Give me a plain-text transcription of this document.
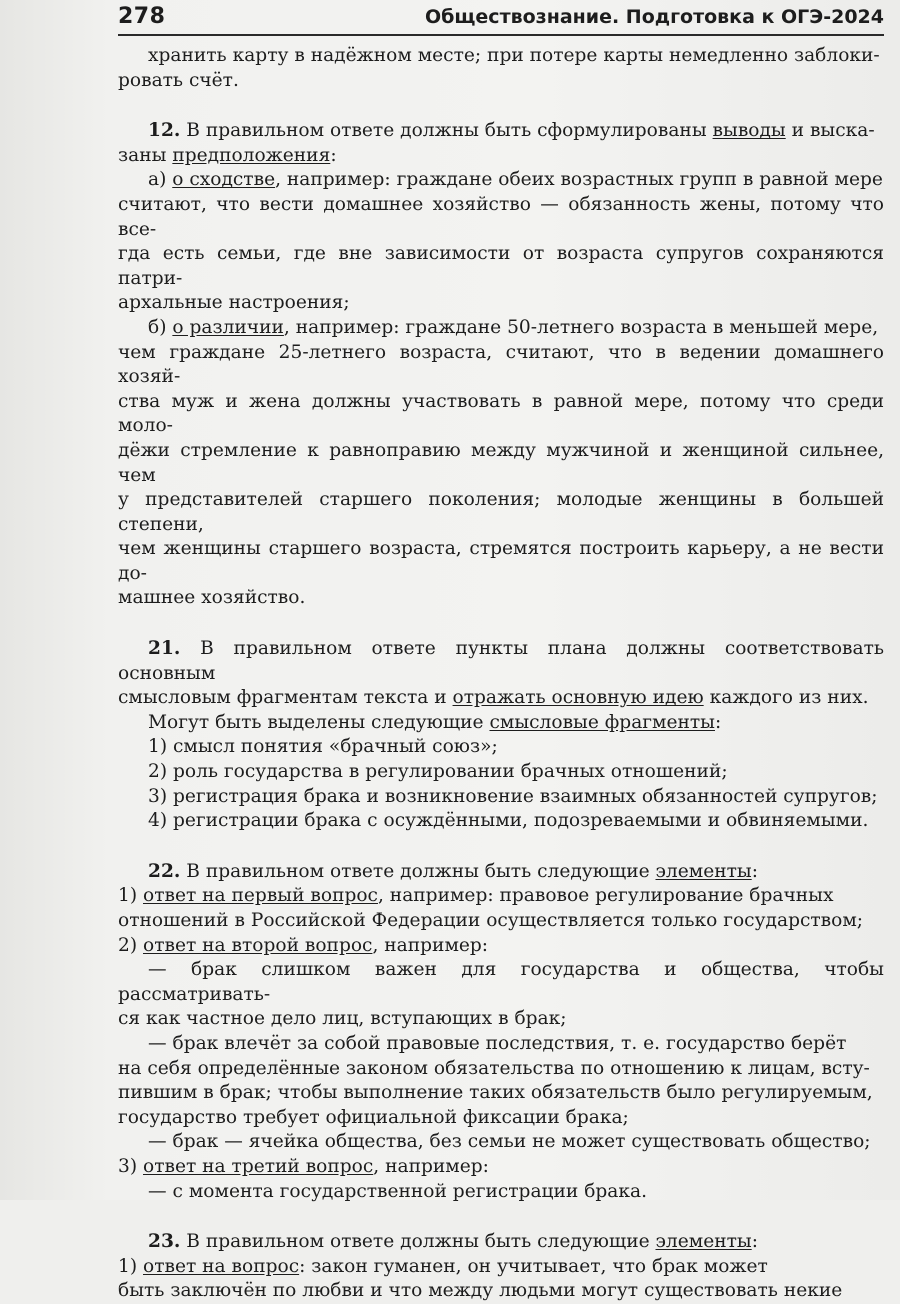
278	Обществознание. Подготовка к ОГЭ-2024
хранить карту в надёжном месте; при потере карты немедленно заблоки-
ровать счёт.
12. В правильном ответе должны быть сформулированы выводы и выска-
заны предположения:
а) о сходстве, например: граждане обеих возрастных групп в равной мере
считают, что вести домашнее хозяйство — обязанность жены, потому что все-
гда есть семьи, где вне зависимости от возраста супругов сохраняются патри-
архальные настроения;
б) о различии, например: граждане 50-летнего возраста в меньшей мере,
чем граждане 25-летнего возраста, считают, что в ведении домашнего хозяй-
ства муж и жена должны участвовать в равной мере, потому что среди моло-
дёжи стремление к равноправию между мужчиной и женщиной сильнее, чем
у представителей старшего поколения; молодые женщины в большей степени,
чем женщины старшего возраста, стремятся построить карьеру, а не вести до-
машнее хозяйство.
21. В правильном ответе пункты плана должны соответствовать основным
смысловым фрагментам текста и отражать основную идею каждого из них.
Могут быть выделены следующие смысловые фрагменты:
1) смысл понятия «брачный союз»;
2) роль государства в регулировании брачных отношений;
3) регистрация брака и возникновение взаимных обязанностей супругов;
4) регистрации брака с осуждёнными, подозреваемыми и обвиняемыми.
22. В правильном ответе должны быть следующие элементы:
1) ответ на первый вопрос, например: правовое регулирование брачных
отношений в Российской Федерации осуществляется только государством;
2) ответ на второй вопрос, например:
— брак слишком важен для государства и общества, чтобы рассматривать-
ся как частное дело лиц, вступающих в брак;
— брак влечёт за собой правовые последствия, т. е. государство берёт
на себя определённые законом обязательства по отношению к лицам, всту-
пившим в брак; чтобы выполнение таких обязательств было регулируемым,
государство требует официальной фиксации брака;
— брак — ячейка общества, без семьи не может существовать общество;
3) ответ на третий вопрос, например:
— с момента государственной регистрации брака.
23. В правильном ответе должны быть следующие элементы:
1) ответ на вопрос: закон гуманен, он учитывает, что брак может
быть заключён по любви и что между людьми могут существовать некие
